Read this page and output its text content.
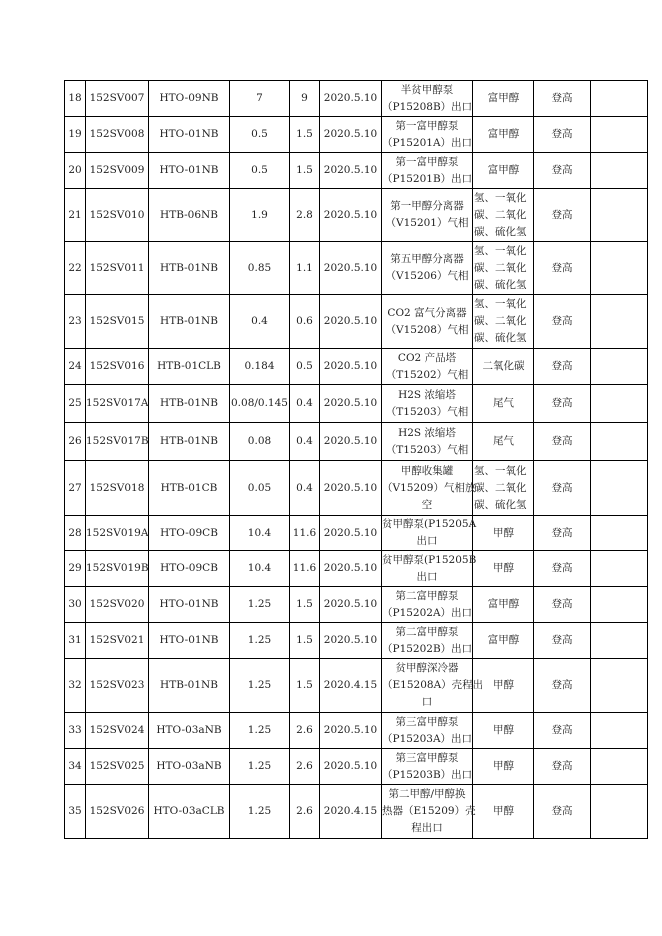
18	152SV007	HTO-09NB	7	9	2020.5.10	半贫甲醇泵
（P15208B）出口	富甲醇	登高	
19	152SV008	HTO-01NB	0.5	1.5	2020.5.10	第一富甲醇泵
（P15201A）出口	富甲醇	登高	
20	152SV009	HTO-01NB	0.5	1.5	2020.5.10	第一富甲醇泵
（P15201B）出口	富甲醇	登高	
21	152SV010	HTB-06NB	1.9	2.8	2020.5.10	第一甲醇分离器
（V15201）气相	氢、一氧化
碳、二氧化
碳、硫化氢	登高	
22	152SV011	HTB-01NB	0.85	1.1	2020.5.10	第五甲醇分离器
（V15206）气相	氢、一氧化
碳、二氧化
碳、硫化氢	登高	
23	152SV015	HTB-01NB	0.4	0.6	2020.5.10	CO2 富气分离器
（V15208）气相	氢、一氧化
碳、二氧化
碳、硫化氢	登高	
24	152SV016	HTB-01CLB	0.184	0.5	2020.5.10	CO2 产品塔
（T15202）气相	二氧化碳	登高	
25	152SV017A	HTB-01NB	0.08/0.145	0.4	2020.5.10	H2S 浓缩塔
（T15203）气相	尾气	登高	
26	152SV017B	HTB-01NB	0.08	0.4	2020.5.10	H2S 浓缩塔
（T15203）气相	尾气	登高	
27	152SV018	HTB-01CB	0.05	0.4	2020.5.10	甲醇收集罐
（V15209）气相放
空	氢、一氧化
碳、二氧化
碳、硫化氢	登高	
28	152SV019A	HTO-09CB	10.4	11.6	2020.5.10	贫甲醇泵(P15205A
出口	甲醇	登高	
29	152SV019B	HTO-09CB	10.4	11.6	2020.5.10	贫甲醇泵(P15205B
出口	甲醇	登高	
30	152SV020	HTO-01NB	1.25	1.5	2020.5.10	第二富甲醇泵
（P15202A）出口	富甲醇	登高	
31	152SV021	HTO-01NB	1.25	1.5	2020.5.10	第二富甲醇泵
（P15202B）出口	富甲醇	登高	
32	152SV023	HTB-01NB	1.25	1.5	2020.4.15	贫甲醇深冷器
（E15208A）壳程出
口	甲醇	登高	
33	152SV024	HTO-03aNB	1.25	2.6	2020.5.10	第三富甲醇泵
（P15203A）出口	甲醇	登高	
34	152SV025	HTO-03aNB	1.25	2.6	2020.5.10	第三富甲醇泵
（P15203B）出口	甲醇	登高	
35	152SV026	HTO-03aCLB	1.25	2.6	2020.4.15	第二甲醇/甲醇换
热器（E15209）壳
程出口	甲醇	登高	
